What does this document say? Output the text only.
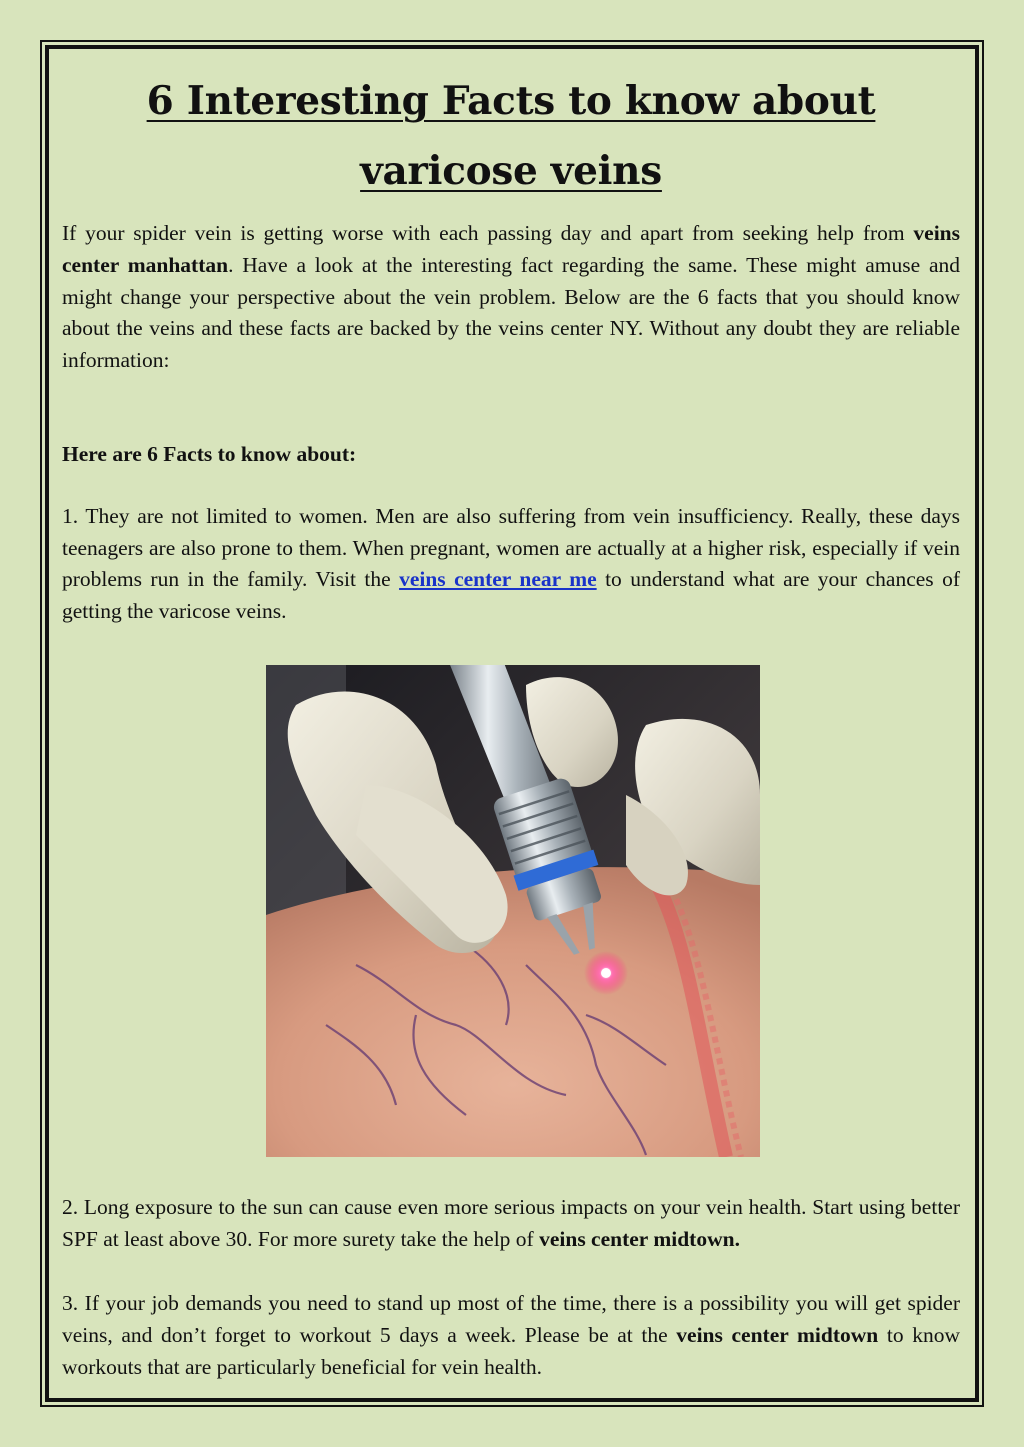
6 Interesting Facts to know about varicose veins

If your spider vein is getting worse with each passing day and apart from seeking help from veins center manhattan. Have a look at the interesting fact regarding the same. These might amuse and might change your perspective about the vein problem. Below are the 6 facts that you should know about the veins and these facts are backed by the veins center NY. Without any doubt they are reliable information:

Here are 6 Facts to know about:

1. They are not limited to women. Men are also suffering from vein insufficiency. Really, these days teenagers are also prone to them. When pregnant, women are actually at a higher risk, especially if vein problems run in the family. Visit the veins center near me to understand what are your chances of getting the varicose veins.

2. Long exposure to the sun can cause even more serious impacts on your vein health. Start using better SPF at least above 30. For more surety take the help of veins center midtown.

3. If your job demands you need to stand up most of the time, there is a possibility you will get spider veins, and don’t forget to workout 5 days a week. Please be at the veins center midtown to know workouts that are particularly beneficial for vein health.
